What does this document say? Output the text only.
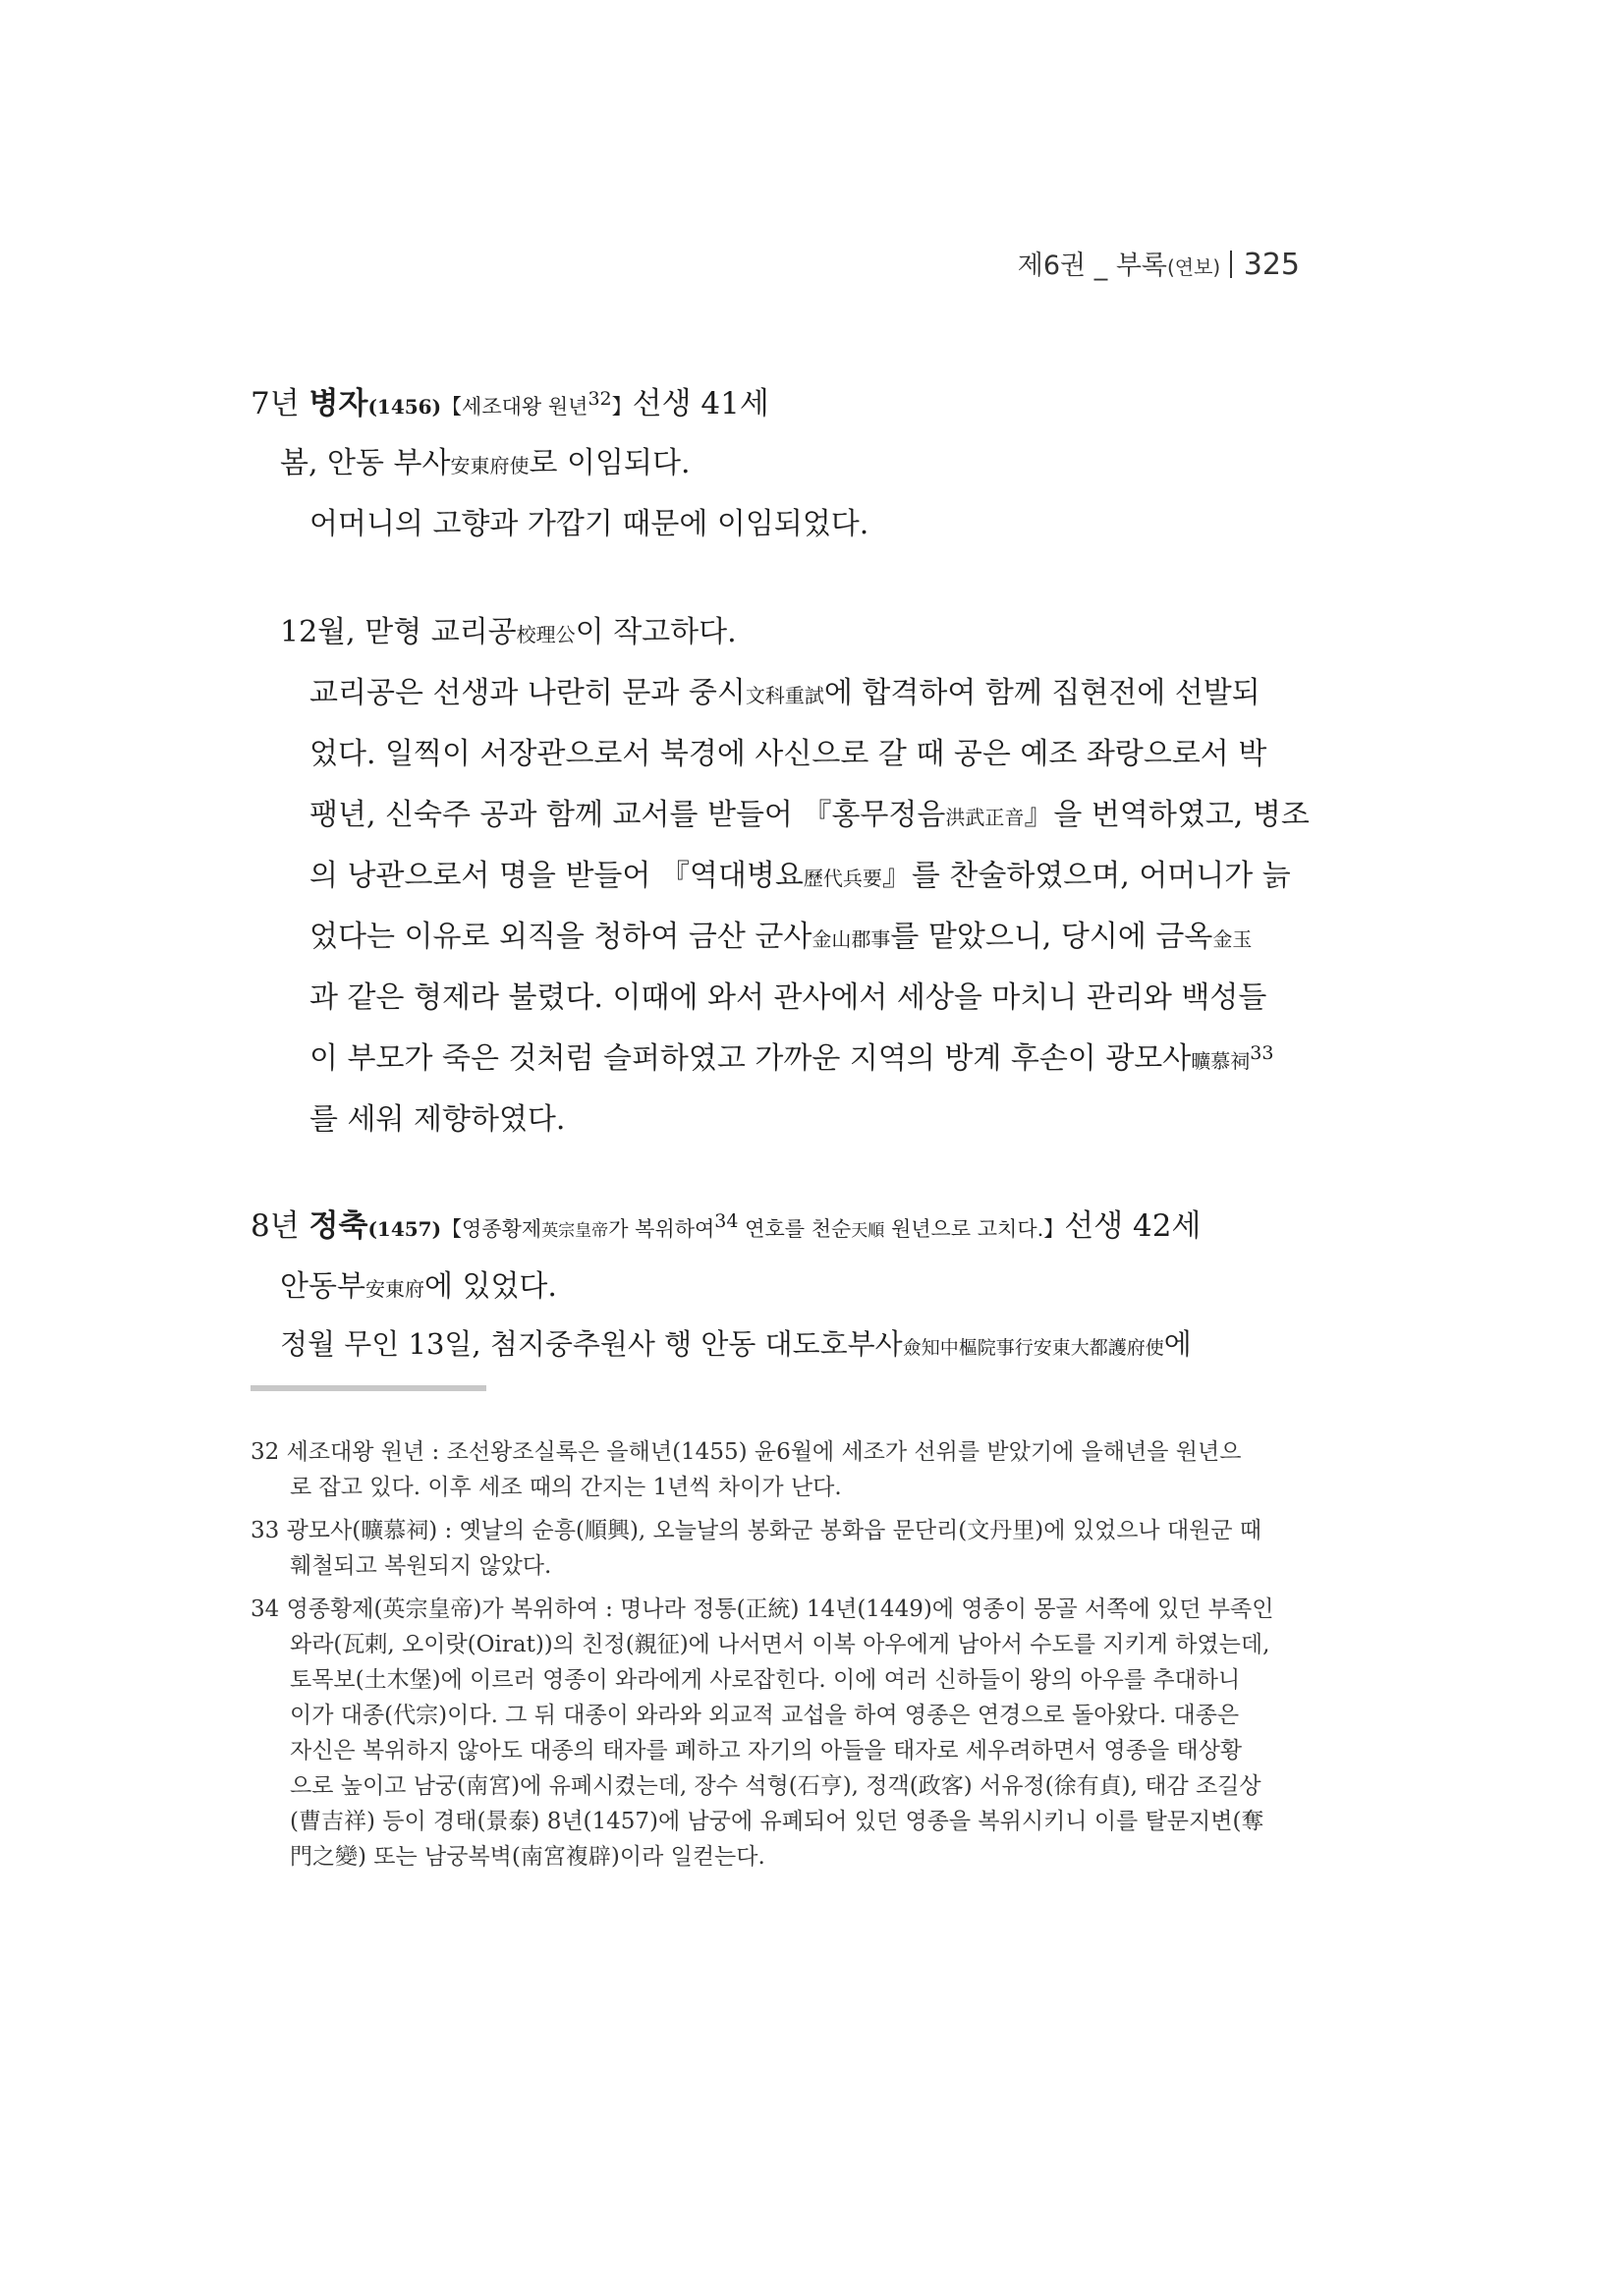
제6권 _ 부록(연보) 325
7년 병자(1456)【세조대왕 원년$^{32}$】선생 41세
봄, 안동 부사安東府使로 이임되다.
어머니의 고향과 가깝기 때문에 이임되었다.
12월, 맏형 교리공校理公이 작고하다.
교리공은 선생과 나란히 문과 중시文科重試에 합격하여 함께 집현전에 선발되
었다. 일찍이 서장관으로서 북경에 사신으로 갈 때 공은 예조 좌랑으로서 박
팽년, 신숙주 공과 함께 교서를 받들어 『홍무정음洪武正音』을 번역하였고, 병조
의 낭관으로서 명을 받들어 『역대병요歷代兵要』를 찬술하였으며, 어머니가 늙
었다는 이유로 외직을 청하여 금산 군사金山郡事를 맡았으니, 당시에 금옥金玉
과 같은 형제라 불렸다. 이때에 와서 관사에서 세상을 마치니 관리와 백성들
이 부모가 죽은 것처럼 슬퍼하였고 가까운 지역의 방계 후손이 광모사曠慕祠$^{33}$
를 세워 제향하였다.
8년 정축(1457)【영종황제英宗皇帝가 복위하여$^{34}$ 연호를 천순天順 원년으로 고치다.】선생 42세
안동부安東府에 있었다.
정월 무인 13일, 첨지중추원사 행 안동 대도호부사僉知中樞院事行安東大都護府使에
32 세조대왕 원년 : 조선왕조실록은 을해년(1455) 윤6월에 세조가 선위를 받았기에 을해년을 원년으
로 잡고 있다. 이후 세조 때의 간지는 1년씩 차이가 난다.
33 광모사(曠慕祠) : 옛날의 순흥(順興), 오늘날의 봉화군 봉화읍 문단리(文丹里)에 있었으나 대원군 때
훼철되고 복원되지 않았다.
34 영종황제(英宗皇帝)가 복위하여 : 명나라 정통(正統) 14년(1449)에 영종이 몽골 서쪽에 있던 부족인
와라(瓦剌, 오이랏(Oirat))의 친정(親征)에 나서면서 이복 아우에게 남아서 수도를 지키게 하였는데,
토목보(土木堡)에 이르러 영종이 와라에게 사로잡힌다. 이에 여러 신하들이 왕의 아우를 추대하니
이가 대종(代宗)이다. 그 뒤 대종이 와라와 외교적 교섭을 하여 영종은 연경으로 돌아왔다. 대종은
자신은 복위하지 않아도 대종의 태자를 폐하고 자기의 아들을 태자로 세우려하면서 영종을 태상황
으로 높이고 남궁(南宮)에 유폐시켰는데, 장수 석형(石亨), 정객(政客) 서유정(徐有貞), 태감 조길상
(曹吉祥) 등이 경태(景泰) 8년(1457)에 남궁에 유폐되어 있던 영종을 복위시키니 이를 탈문지변(奪
門之變) 또는 남궁복벽(南宮複辟)이라 일컫는다.
